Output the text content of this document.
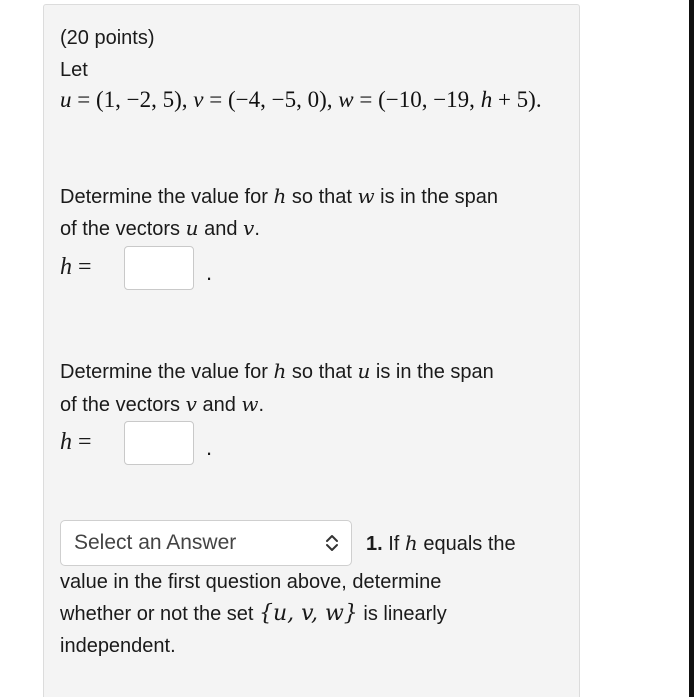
(20 points)
Let
u = (1, −2, 5), v = (−4, −5, 0), w = (−10, −19, h + 5).
Determine the value for h so that w is in the span
of the vectors u and v.
h =	.
Determine the value for h so that u is in the span
of the vectors v and w.
h =	.
Select an Answer	1. If h equals the
value in the first question above, determine
whether or not the set {u, v, w} is linearly
independent.
